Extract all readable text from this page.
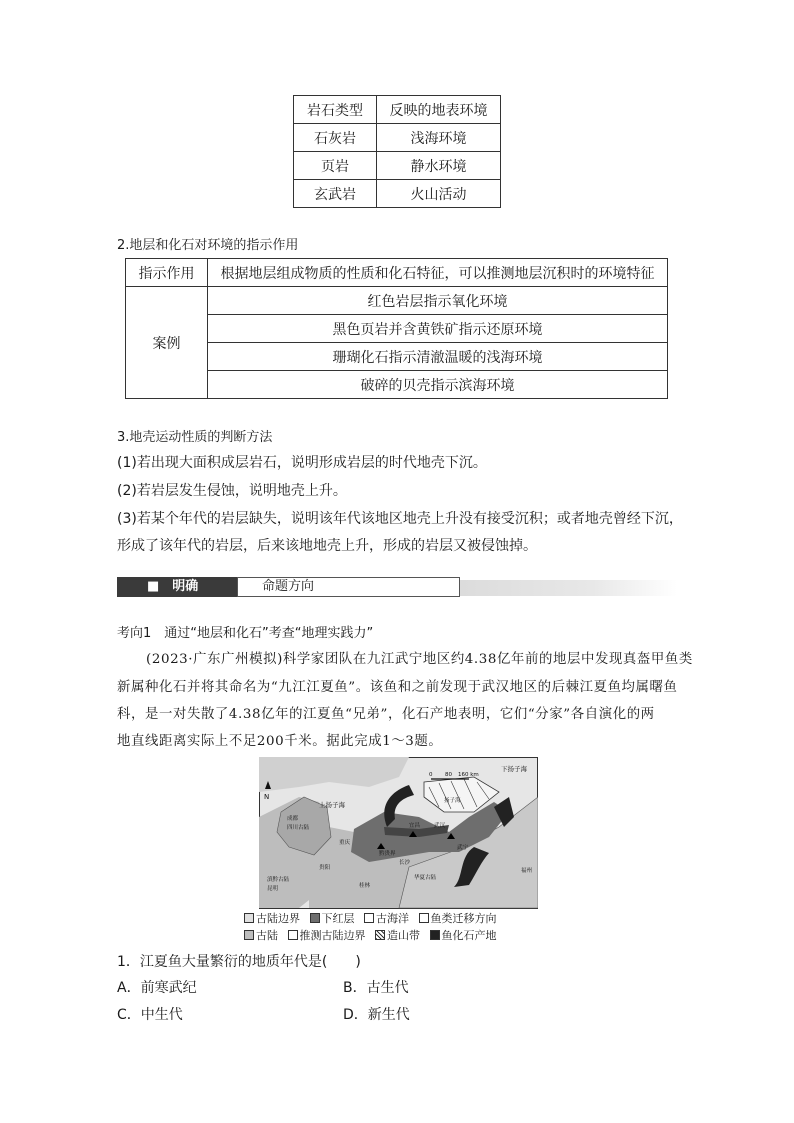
岩石类型	反映的地表环境
石灰岩	浅海环境
页岩	静水环境
玄武岩	火山活动
2.地层和化石对环境的指示作用
指示作用	根据地层组成物质的性质和化石特征，可以推测地层沉积时的环境特征
案例	红色岩层指示氧化环境
	黑色页岩并含黄铁矿指示还原环境
	珊瑚化石指示清澈温暖的浅海环境
	破碎的贝壳指示滨海环境
3.地壳运动性质的判断方法
(1)若出现大面积成层岩石，说明形成岩层的时代地壳下沉。
(2)若岩层发生侵蚀，说明地壳上升。
(3)若某个年代的岩层缺失，说明该年代该地区地壳上升没有接受沉积；或者地壳曾经下沉，
形成了该年代的岩层，后来该地地壳上升，形成的岩层又被侵蚀掉。
■　明确	命题方向
考向1　通过“地层和化石”考查“地理实践力”
(2023·广东广州模拟)科学家团队在九江武宁地区约4.38亿年前的地层中发现真盔甲鱼类
新属种化石并将其命名为“九江江夏鱼”。该鱼和之前发现于武汉地区的后棘江夏鱼均属曙鱼
科，是一对失散了4.38亿年的江夏鱼“兄弟”，化石产地表明，它们“分家”各自演化的两
地直线距离实际上不足200千米。据此完成1～3题。
N
0 80 160 km
上扬子海
下扬子海
扬子海
成都
四川古陆
重庆
长沙
武宁
华夏古陆
福州
贵阳
滇黔古陆
昆明	桂林
黔贵界
宜昌	武汉
古陆边界
下红层
古海洋
鱼类迁移方向
古陆
推测古陆边界
造山带
鱼化石产地
1．江夏鱼大量繁衍的地质年代是(　　)
A．前寒武纪	B．古生代
C．中生代	D．新生代
